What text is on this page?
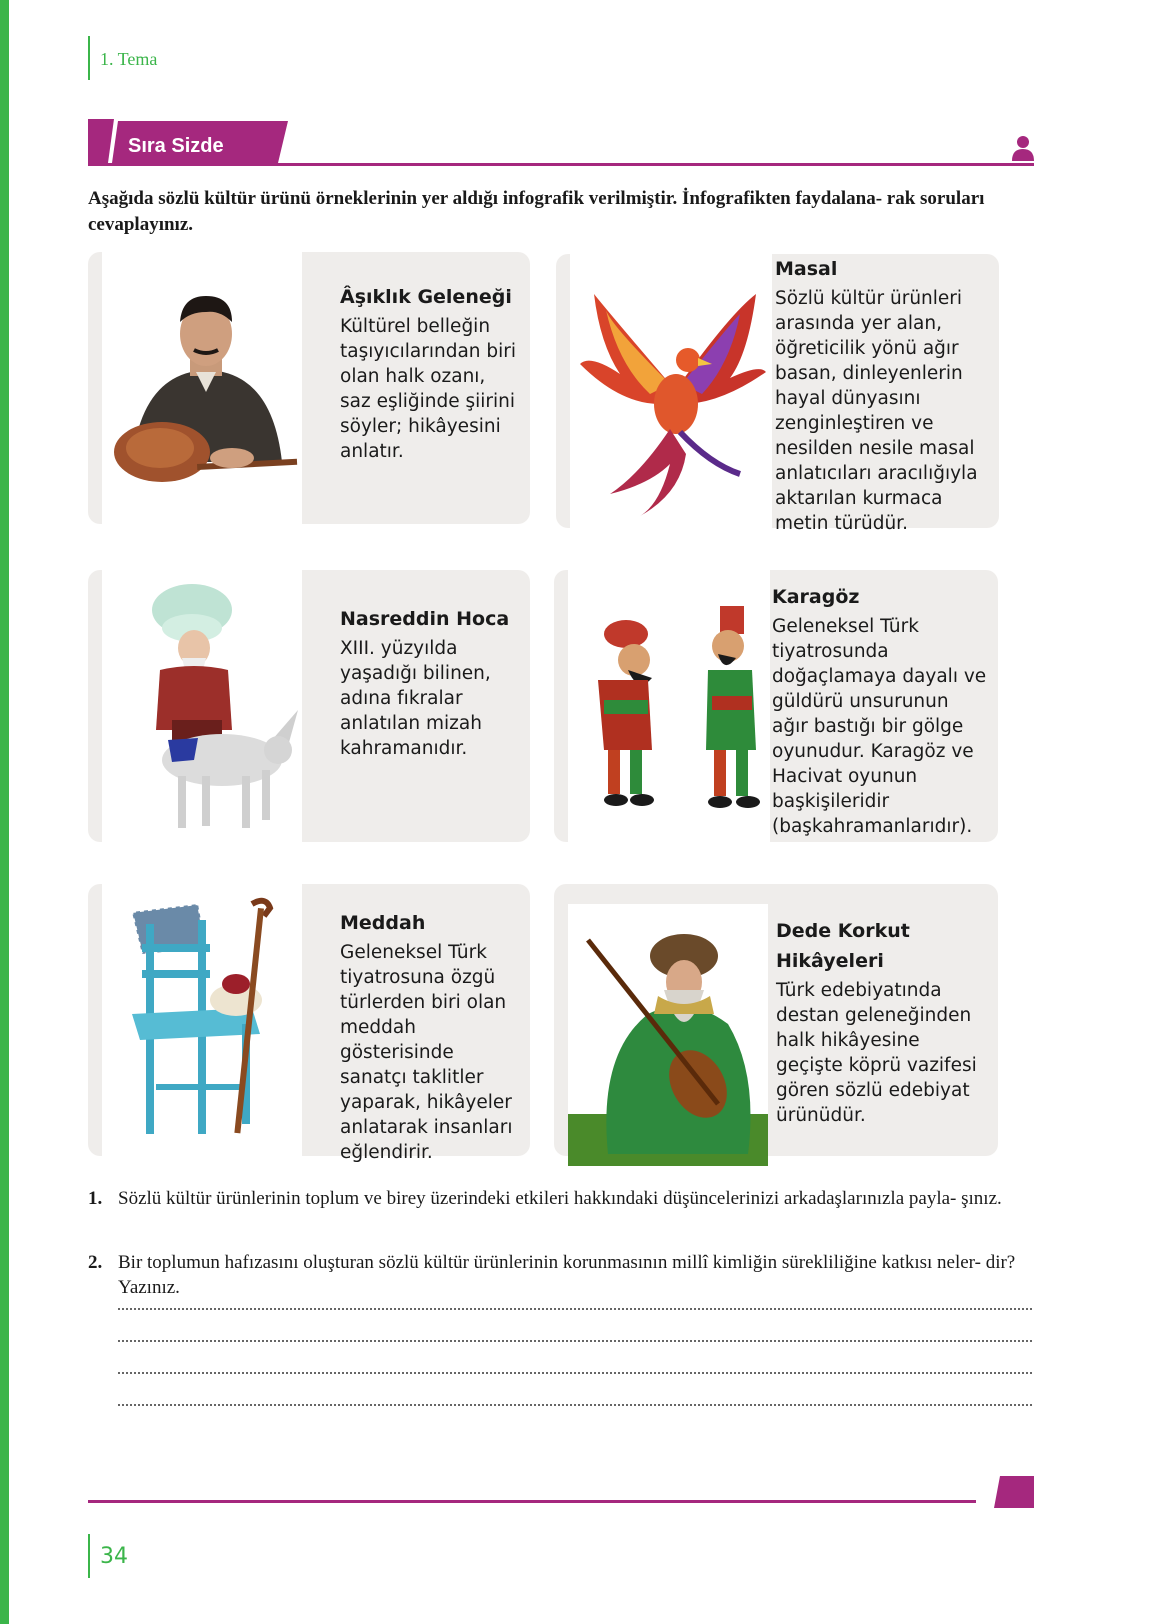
1. Tema
Sıra Sizde
Aşağıda sözlü kültür ürünü örneklerinin yer aldığı infografik verilmiştir. İnfografikten faydalana- rak soruları cevaplayınız.
Âşıklık Geleneği

Kültürel belleğin taşıyıcılarından biri olan halk ozanı, saz eşliğinde şiirini söyler; hikâyesini anlatır.

Masal

Sözlü kültür ürünleri arasında yer alan, öğreticilik yönü ağır basan, dinleyenlerin hayal dünyasını zenginleştiren ve nesilden nesile masal anlatıcıları aracılığıyla aktarılan kurmaca metin türüdür.

Nasreddin Hoca

XIII. yüzyılda yaşadığı bilinen, adına fıkralar anlatılan mizah kahramanıdır.

Karagöz

Geleneksel Türk tiyatrosunda doğaçlamaya dayalı ve güldürü unsurunun ağır bastığı bir gölge oyunudur. Karagöz ve Hacivat oyunun başkişileridir (başkahramanlarıdır).

Meddah

Geleneksel Türk tiyatrosuna özgü türlerden biri olan meddah gösterisinde sanatçı taklitler yaparak, hikâyeler anlatarak insanları eğlendirir.

Dede Korkut Hikâyeleri

Türk edebiyatında destan geleneğinden halk hikâyesine geçişte köprü vazifesi gören sözlü edebiyat ürünüdür.

1. Sözlü kültür ürünlerinin toplum ve birey üzerindeki etkileri hakkındaki düşüncelerinizi arkadaşlarınızla payla- şınız.
2. Bir toplumun hafızasını oluşturan sözlü kültür ürünlerinin korunmasının millî kimliğin sürekliliğine katkısı neler- dir? Yazınız.
34
